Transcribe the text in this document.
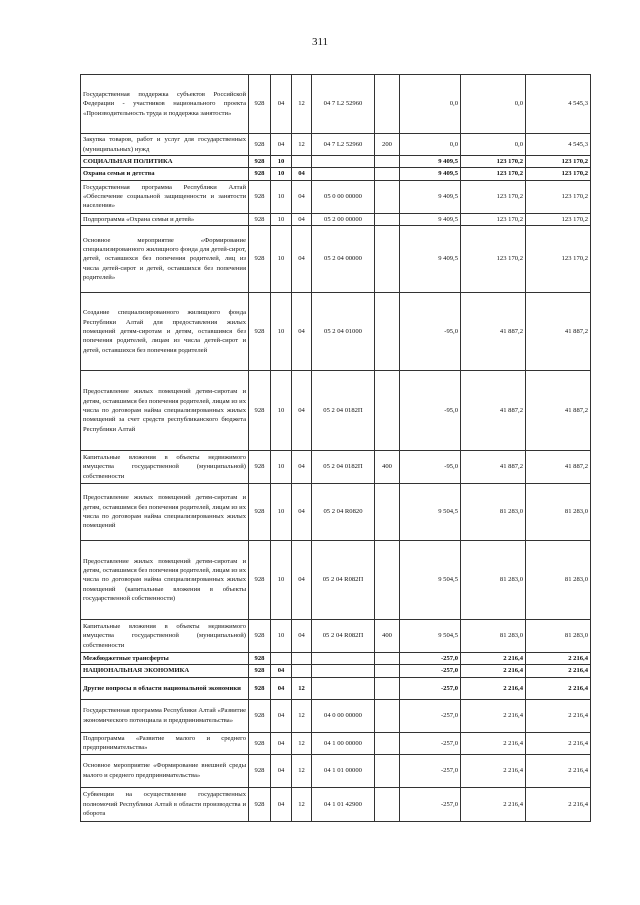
311
Государственная поддержка субъектов Российской Федерации - участников национального проекта «Производительность труда и поддержка занятости»	928	04	12	04 7 L2 52960		0,0	0,0	4 545,3
Закупка товаров, работ и услуг для государственных (муниципальных) нужд	928	04	12	04 7 L2 52960	200	0,0	0,0	4 545,3
СОЦИАЛЬНАЯ ПОЛИТИКА	928	10				9 409,5	123 170,2	123 170,2
Охрана семьи и детства	928	10	04			9 409,5	123 170,2	123 170,2
Государственная программа Республики Алтай «Обеспечение социальной защищенности и занятости населения»	928	10	04	05 0 00 00000		9 409,5	123 170,2	123 170,2
Подпрограмма «Охрана семьи и детей»	928	10	04	05 2 00 00000		9 409,5	123 170,2	123 170,2
Основное мероприятие «Формирование специализированного жилищного фонда для детей-сирот, детей, оставшихся без попечения родителей, лиц из числа детей-сирот и детей, оставшихся без попечения родителей»	928	10	04	05 2 04 00000		9 409,5	123 170,2	123 170,2
Создание специализированного жилищного фонда Республики Алтай для предоставления жилых помещений детям-сиротам и детям, оставшимся без попечения родителей, лицам из числа детей-сирот и детей, оставшихся без попечения родителей	928	10	04	05 2 04 01000		-95,0	41 887,2	41 887,2
Предоставление жилых помещений детям-сиротам и детям, оставшимся без попечения родителей, лицам из их числа по договорам найма специализированных жилых помещений за счет средств республиканского бюджета Республики Алтай	928	10	04	05 2 04 0182П		-95,0	41 887,2	41 887,2
Капитальные вложения в объекты недвижимого имущества государственной (муниципальной) собственности	928	10	04	05 2 04 0182П	400	-95,0	41 887,2	41 887,2
Предоставление жилых помещений детям-сиротам и детям, оставшимся без попечения родителей, лицам из их числа по договорам найма специализированных жилых помещений	928	10	04	05 2 04 R0820		9 504,5	81 283,0	81 283,0
Предоставление жилых помещений детям-сиротам и детям, оставшимся без попечения родителей, лицам из их числа по договорам найма специализированных жилых помещений (капитальные вложения в объекты государственной собственности)	928	10	04	05 2 04 R082П		9 504,5	81 283,0	81 283,0
Капитальные вложения в объекты недвижимого имущества государственной (муниципальной) собственности	928	10	04	05 2 04 R082П	400	9 504,5	81 283,0	81 283,0
Межбюджетные трансферты	928					-257,0	2 216,4	2 216,4
НАЦИОНАЛЬНАЯ ЭКОНОМИКА	928	04				-257,0	2 216,4	2 216,4
Другие вопросы в области национальной экономики	928	04	12			-257,0	2 216,4	2 216,4
Государственная программа Республики Алтай «Развитие экономического потенциала и предпринимательства»	928	04	12	04 0 00 00000		-257,0	2 216,4	2 216,4
Подпрограмма «Развитие малого и среднего предпринимательства»	928	04	12	04 1 00 00000		-257,0	2 216,4	2 216,4
Основное мероприятие «Формирование внешней среды малого и среднего предпринимательства»	928	04	12	04 1 01 00000		-257,0	2 216,4	2 216,4
Субвенции на осуществление государственных полномочий Республики Алтай в области производства и оборота	928	04	12	04 1 01 42900		-257,0	2 216,4	2 216,4
